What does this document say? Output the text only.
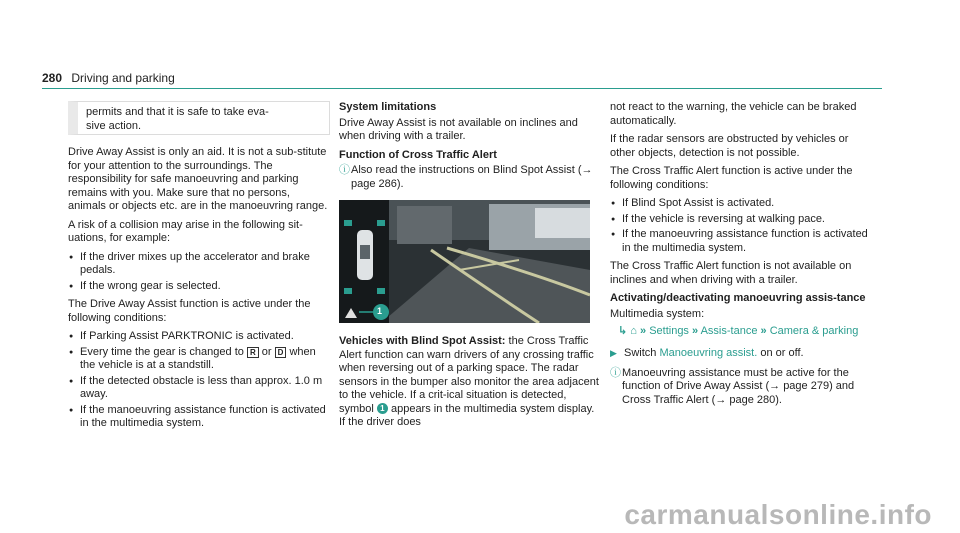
280 Driving and parking
permits and that it is safe to take eva-
sive action.

Drive Away Assist is only an aid. It is not a sub-stitute for your attention to the surroundings. The responsibility for safe manoeuvring and parking remains with you. Make sure that no persons, animals or objects etc. are in the manoeuvring range.

A risk of a collision may arise in the following sit-uations, for example:

● If the driver mixes up the accelerator and brake pedals.
● If the wrong gear is selected.

The Drive Away Assist function is active under the following conditions:

● If Parking Assist PARKTRONIC is activated.
● Every time the gear is changed to R or D when the vehicle is at a standstill.
● If the detected obstacle is less than approx. 1.0 m away.
● If the manoeuvring assistance function is activated in the multimedia system.
System limitations

Drive Away Assist is not available on inclines and when driving with a trailer.

Function of Cross Traffic Alert
ⓘ Also read the instructions on Blind Spot Assist (→ page 286).
1

Vehicles with Blind Spot Assist: the Cross Traffic Alert function can warn drivers of any crossing traffic when reversing out of a parking space. The radar sensors in the bumper also monitor the area adjacent to the vehicle. If a crit-ical situation is detected, symbol 1 appears in the multimedia system display. If the driver does

not react to the warning, the vehicle can be braked automatically.

If the radar sensors are obstructed by vehicles or other objects, detection is not possible.

The Cross Traffic Alert function is active under the following conditions:

● If Blind Spot Assist is activated.
● If the vehicle is reversing at walking pace.
● If the manoeuvring assistance function is activated in the multimedia system.

The Cross Traffic Alert function is not available on inclines and when driving with a trailer.

Activating/deactivating manoeuvring assis-tance
Multimedia system:
↳ ⌂ » Settings » Assis-tance » Camera & parking
▶ Switch Manoeuvring assist. on or off.
ⓘ Manoeuvring assistance must be active for the function of Drive Away Assist (→ page 279) and Cross Traffic Alert (→ page 280).
carmanualsonline.info
